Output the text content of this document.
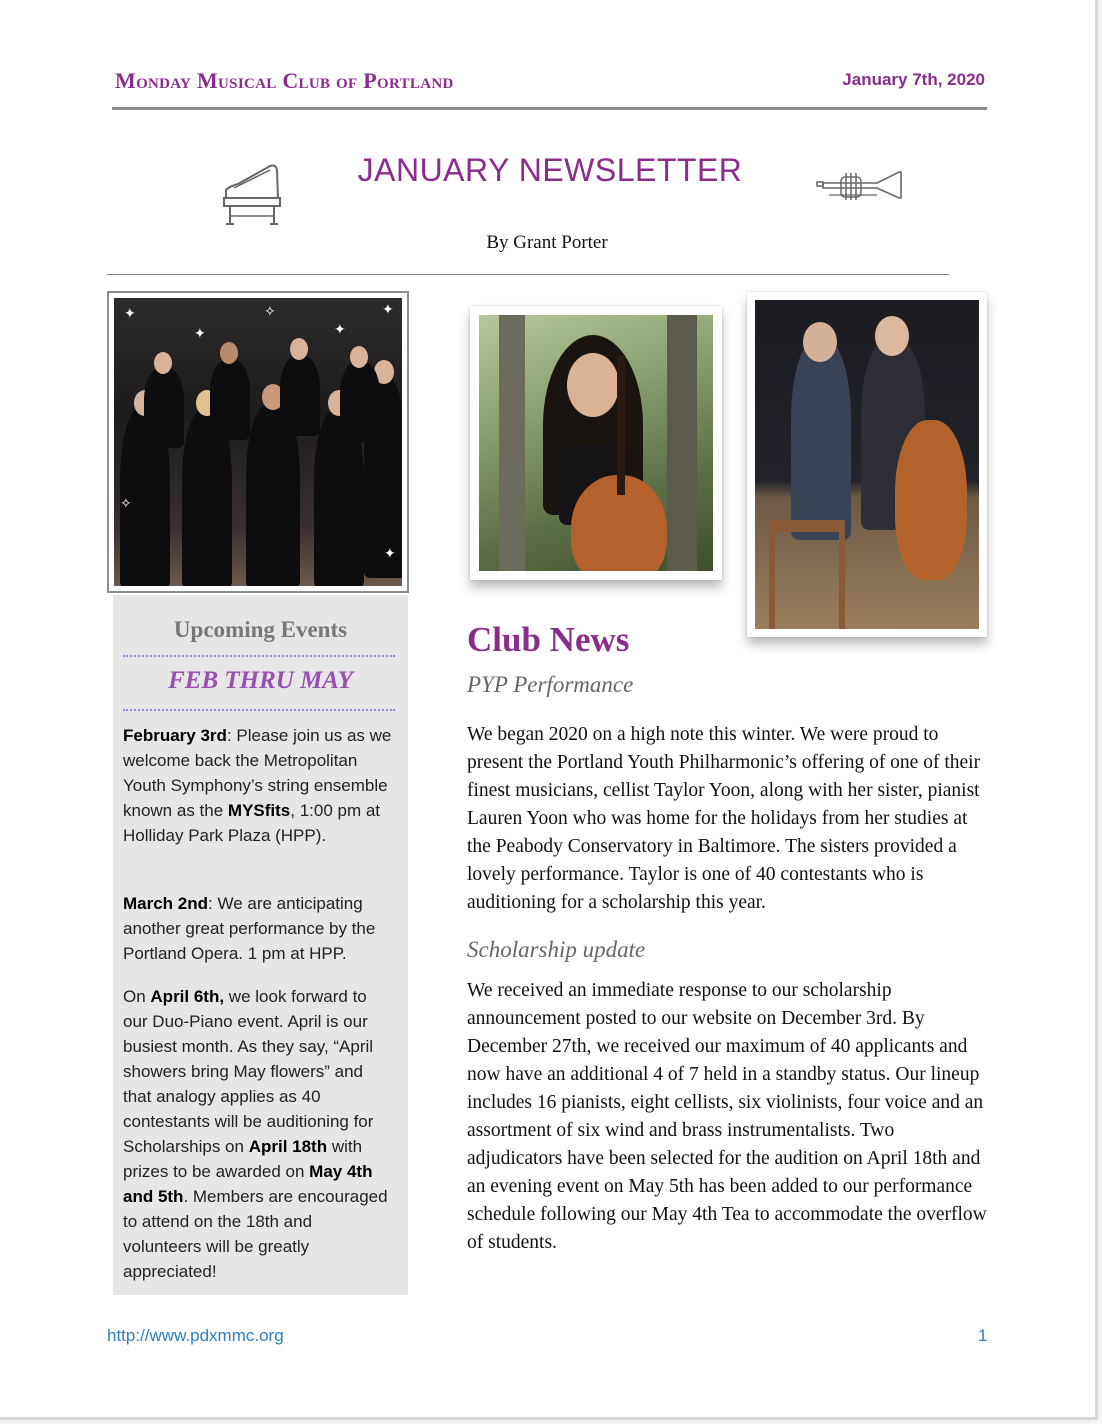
Monday Musical Club of Portland	January 7th, 2020
JANUARY NEWSLETTER
By Grant Porter
✦
✦
✧
✦
✦
✦
✧
Upcoming Events
FEB THRU MAY
February 3rd: Please join us as we welcome back the Metropolitan Youth Symphony’s string ensemble known as the MYSfits, 1:00 pm at Holliday Park Plaza (HPP).
March 2nd: We are anticipating another great performance by the Portland Opera. 1 pm at HPP.
On April 6th, we look forward to our Duo-Piano event. April is our busiest month. As they say, “April showers bring May flowers” and that analogy applies as 40 contestants will be auditioning for Scholarships on April 18th with prizes to be awarded on May 4th and 5th. Members are encouraged to attend on the 18th and volunteers will be greatly appreciated!
Club News
PYP Performance
We began 2020 on a high note this winter. We were proud to present the Portland Youth Philharmonic’s offering of one of their finest musicians, cellist Taylor Yoon, along with her sister, pianist Lauren Yoon who was home for the holidays from her studies at the Peabody Conservatory in Baltimore. The sisters provided a lovely performance. Taylor is one of 40 contestants who is auditioning for a scholarship this year.
Scholarship update
We received an immediate response to our scholarship announcement posted to our website on December 3rd. By December 27th, we received our maximum of 40 applicants and now have an additional 4 of 7 held in a standby status. Our lineup includes 16 pianists, eight cellists, six violinists, four voice and an assortment of six wind and brass instrumentalists. Two adjudicators have been selected for the audition on April 18th and an evening event on May 5th has been added to our performance schedule following our May 4th Tea to accommodate the overflow of students.
http://www.pdxmmc.org	1
